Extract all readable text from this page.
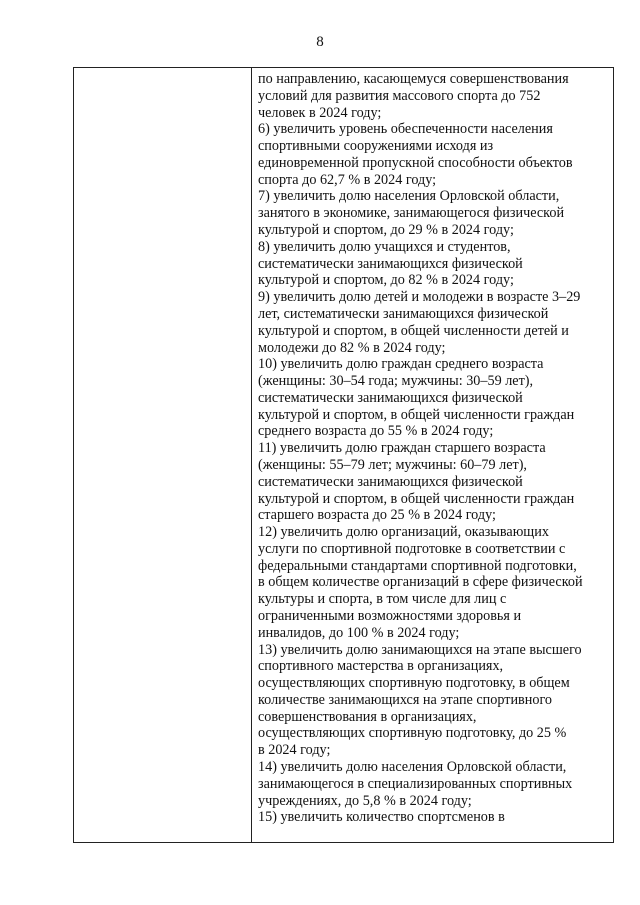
8
по направлению, касающемуся совершенствования
условий для развития массового спорта до 752
человек в 2024 году;
6) увеличить уровень обеспеченности населения
спортивными сооружениями исходя из
единовременной пропускной способности объектов
спорта до 62,7 % в 2024 году;
7) увеличить долю населения Орловской области,
занятого в экономике, занимающегося физической
культурой и спортом, до 29 % в 2024 году;
8) увеличить долю учащихся и студентов,
систематически занимающихся физической
культурой и спортом, до 82 % в 2024 году;
9) увеличить долю детей и молодежи в возрасте 3–29
лет, систематически занимающихся физической
культурой и спортом, в общей численности детей и
молодежи до 82 % в 2024 году;
10) увеличить долю граждан среднего возраста
(женщины: 30–54 года; мужчины: 30–59 лет),
систематически занимающихся физической
культурой и спортом, в общей численности граждан
среднего возраста до 55 % в 2024 году;
11) увеличить долю граждан старшего возраста
(женщины: 55–79 лет; мужчины: 60–79 лет),
систематически занимающихся физической
культурой и спортом, в общей численности граждан
старшего возраста до 25 % в 2024 году;
12) увеличить долю организаций, оказывающих
услуги по спортивной подготовке в соответствии с
федеральными стандартами спортивной подготовки,
в общем количестве организаций в сфере физической
культуры и спорта, в том числе для лиц с
ограниченными возможностями здоровья и
инвалидов, до 100 % в 2024 году;
13) увеличить долю занимающихся на этапе высшего
спортивного мастерства в организациях,
осуществляющих спортивную подготовку, в общем
количестве занимающихся на этапе спортивного
совершенствования в организациях,
осуществляющих спортивную подготовку, до 25 %
в 2024 году;
14) увеличить долю населения Орловской области,
занимающегося в специализированных спортивных
учреждениях, до 5,8 % в 2024 году;
15) увеличить количество спортсменов в
